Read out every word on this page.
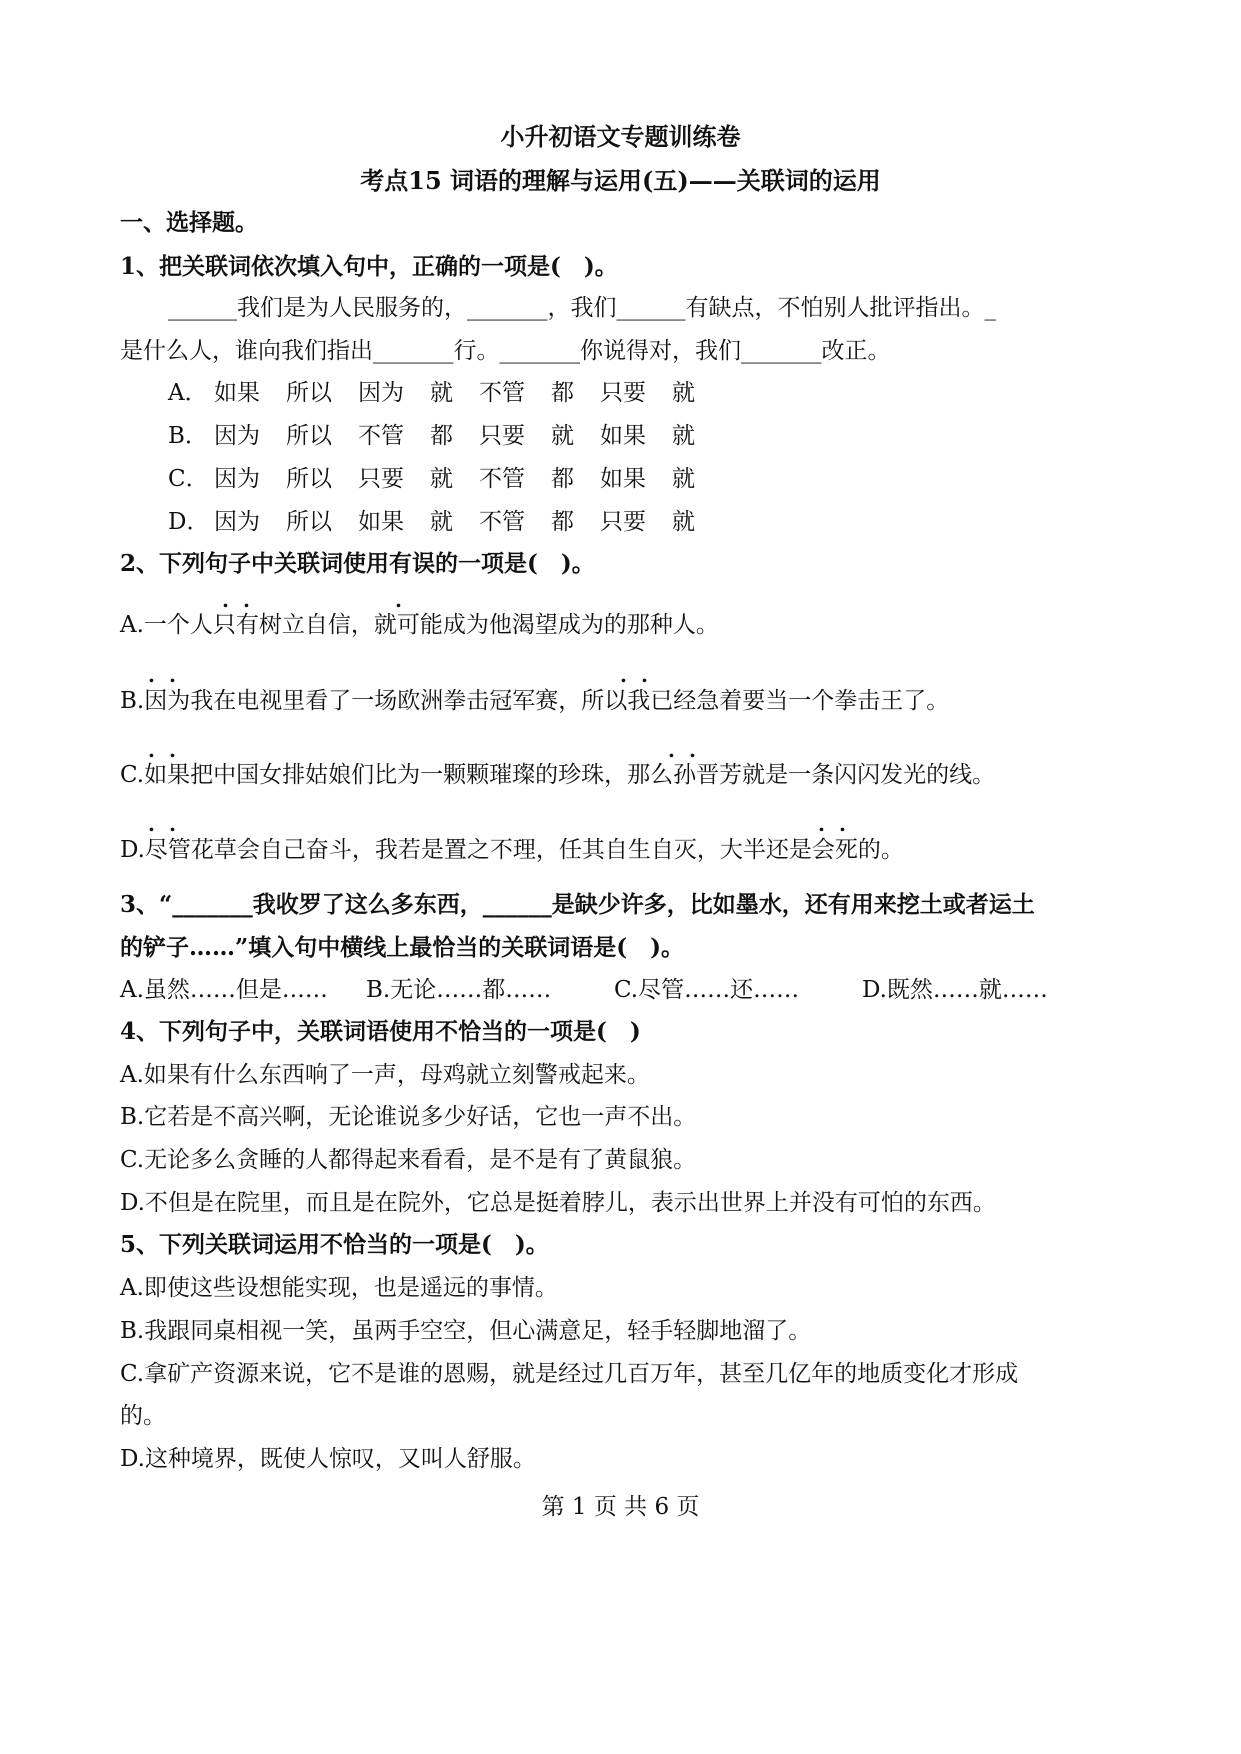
小升初语文专题训练卷
考点15 词语的理解与运用(五)——关联词的运用
一、选择题。
1、把关联词依次填入句中，正确的一项是(　)。
______我们是为人民服务的，_______，我们______有缺点，不怕别人批评指出。_
是什么人，谁向我们指出_______行。_______你说得对，我们_______改正。
A． 如果 所以 因为 就 不管 都 只要 就
B． 因为 所以 不管 都 只要 就 如果 就
C． 因为 所以 只要 就 不管 都 如果 就
D． 因为 所以 如果 就 不管 都 只要 就
2、下列句子中关联词使用有误的一项是(　)。
..	.
A.一个人只有树立自信，就可能成为他渴望成为的那种人。
..	..
B.因为我在电视里看了一场欧洲拳击冠军赛，所以我已经急着要当一个拳击王了。
..	..
C.如果把中国女排姑娘们比为一颗颗璀璨的珍珠，那么孙晋芳就是一条闪闪发光的线。
..	..
D.尽管花草会自己奋斗，我若是置之不理，任其自生自灭，大半还是会死的。
3、“_______我收罗了这么多东西，______是缺少许多，比如墨水，还有用来挖土或者运土
的铲子……”填入句中横线上最恰当的关联词语是(　)。
A.虽然……但是…… B.无论……都……	C.尽管……还……	D.既然……就……
4、下列句子中，关联词语使用不恰当的一项是(　)
A.如果有什么东西响了一声，母鸡就立刻警戒起来。
B.它若是不高兴啊，无论谁说多少好话，它也一声不出。
C.无论多么贪睡的人都得起来看看，是不是有了黄鼠狼。
D.不但是在院里，而且是在院外，它总是挺着脖儿，表示出世界上并没有可怕的东西。
5、下列关联词运用不恰当的一项是(　)。
A.即使这些设想能实现，也是遥远的事情。
B.我跟同桌相视一笑，虽两手空空，但心满意足，轻手轻脚地溜了。
C.拿矿产资源来说，它不是谁的恩赐，就是经过几百万年，甚至几亿年的地质变化才形成
的。
D.这种境界，既使人惊叹，又叫人舒服。
第 1 页 共 6 页
